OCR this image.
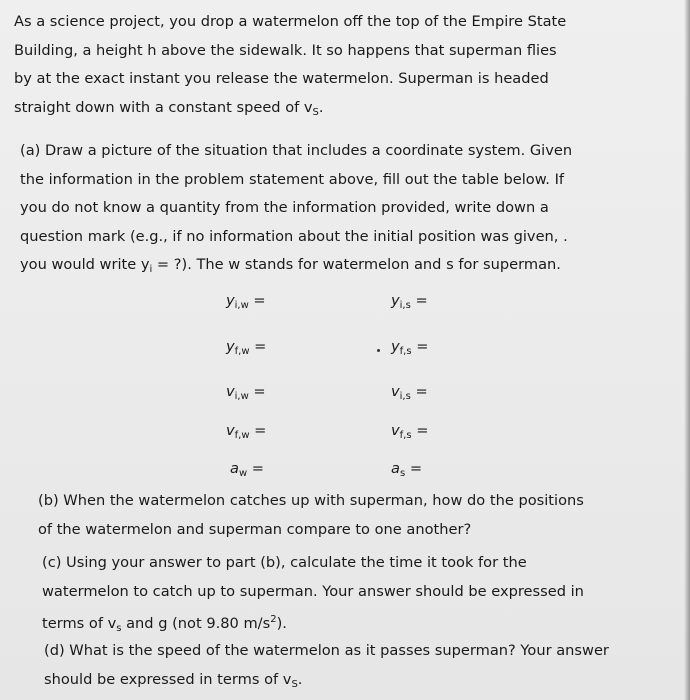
As a science project, you drop a watermelon off the top of the Empire State
Building, a height h above the sidewalk. It so happens that superman flies
by at the exact instant you release the watermelon. Superman is headed
straight down with a constant speed of $v_S$.

(a) Draw a picture of the situation that includes a coordinate system. Given
the information in the problem statement above, fill out the table below. If
you do not know a quantity from the information provided, write down a
question mark (e.g., if no information about the initial position was given, .
you would write $y_i$ = ?). The w stands for watermelon and s for superman.

$y_{i,w}$ =	$y_{i,s}$ =
$y_{f,w}$ =	$y_{f,s}$ =
$v_{i,w}$ =	$v_{i,s}$ =
$v_{f,w}$ =	$v_{f,s}$ =
$a_w$ =	$a_s$ =

(b) When the watermelon catches up with superman, how do the positions
of the watermelon and superman compare to one another?

(c) Using your answer to part (b), calculate the time it took for the
watermelon to catch up to superman. Your answer should be expressed in
terms of $v_s$ and g (not 9.80 $m/s^2$).

(d) What is the speed of the watermelon as it passes superman? Your answer
should be expressed in terms of $v_S$.
